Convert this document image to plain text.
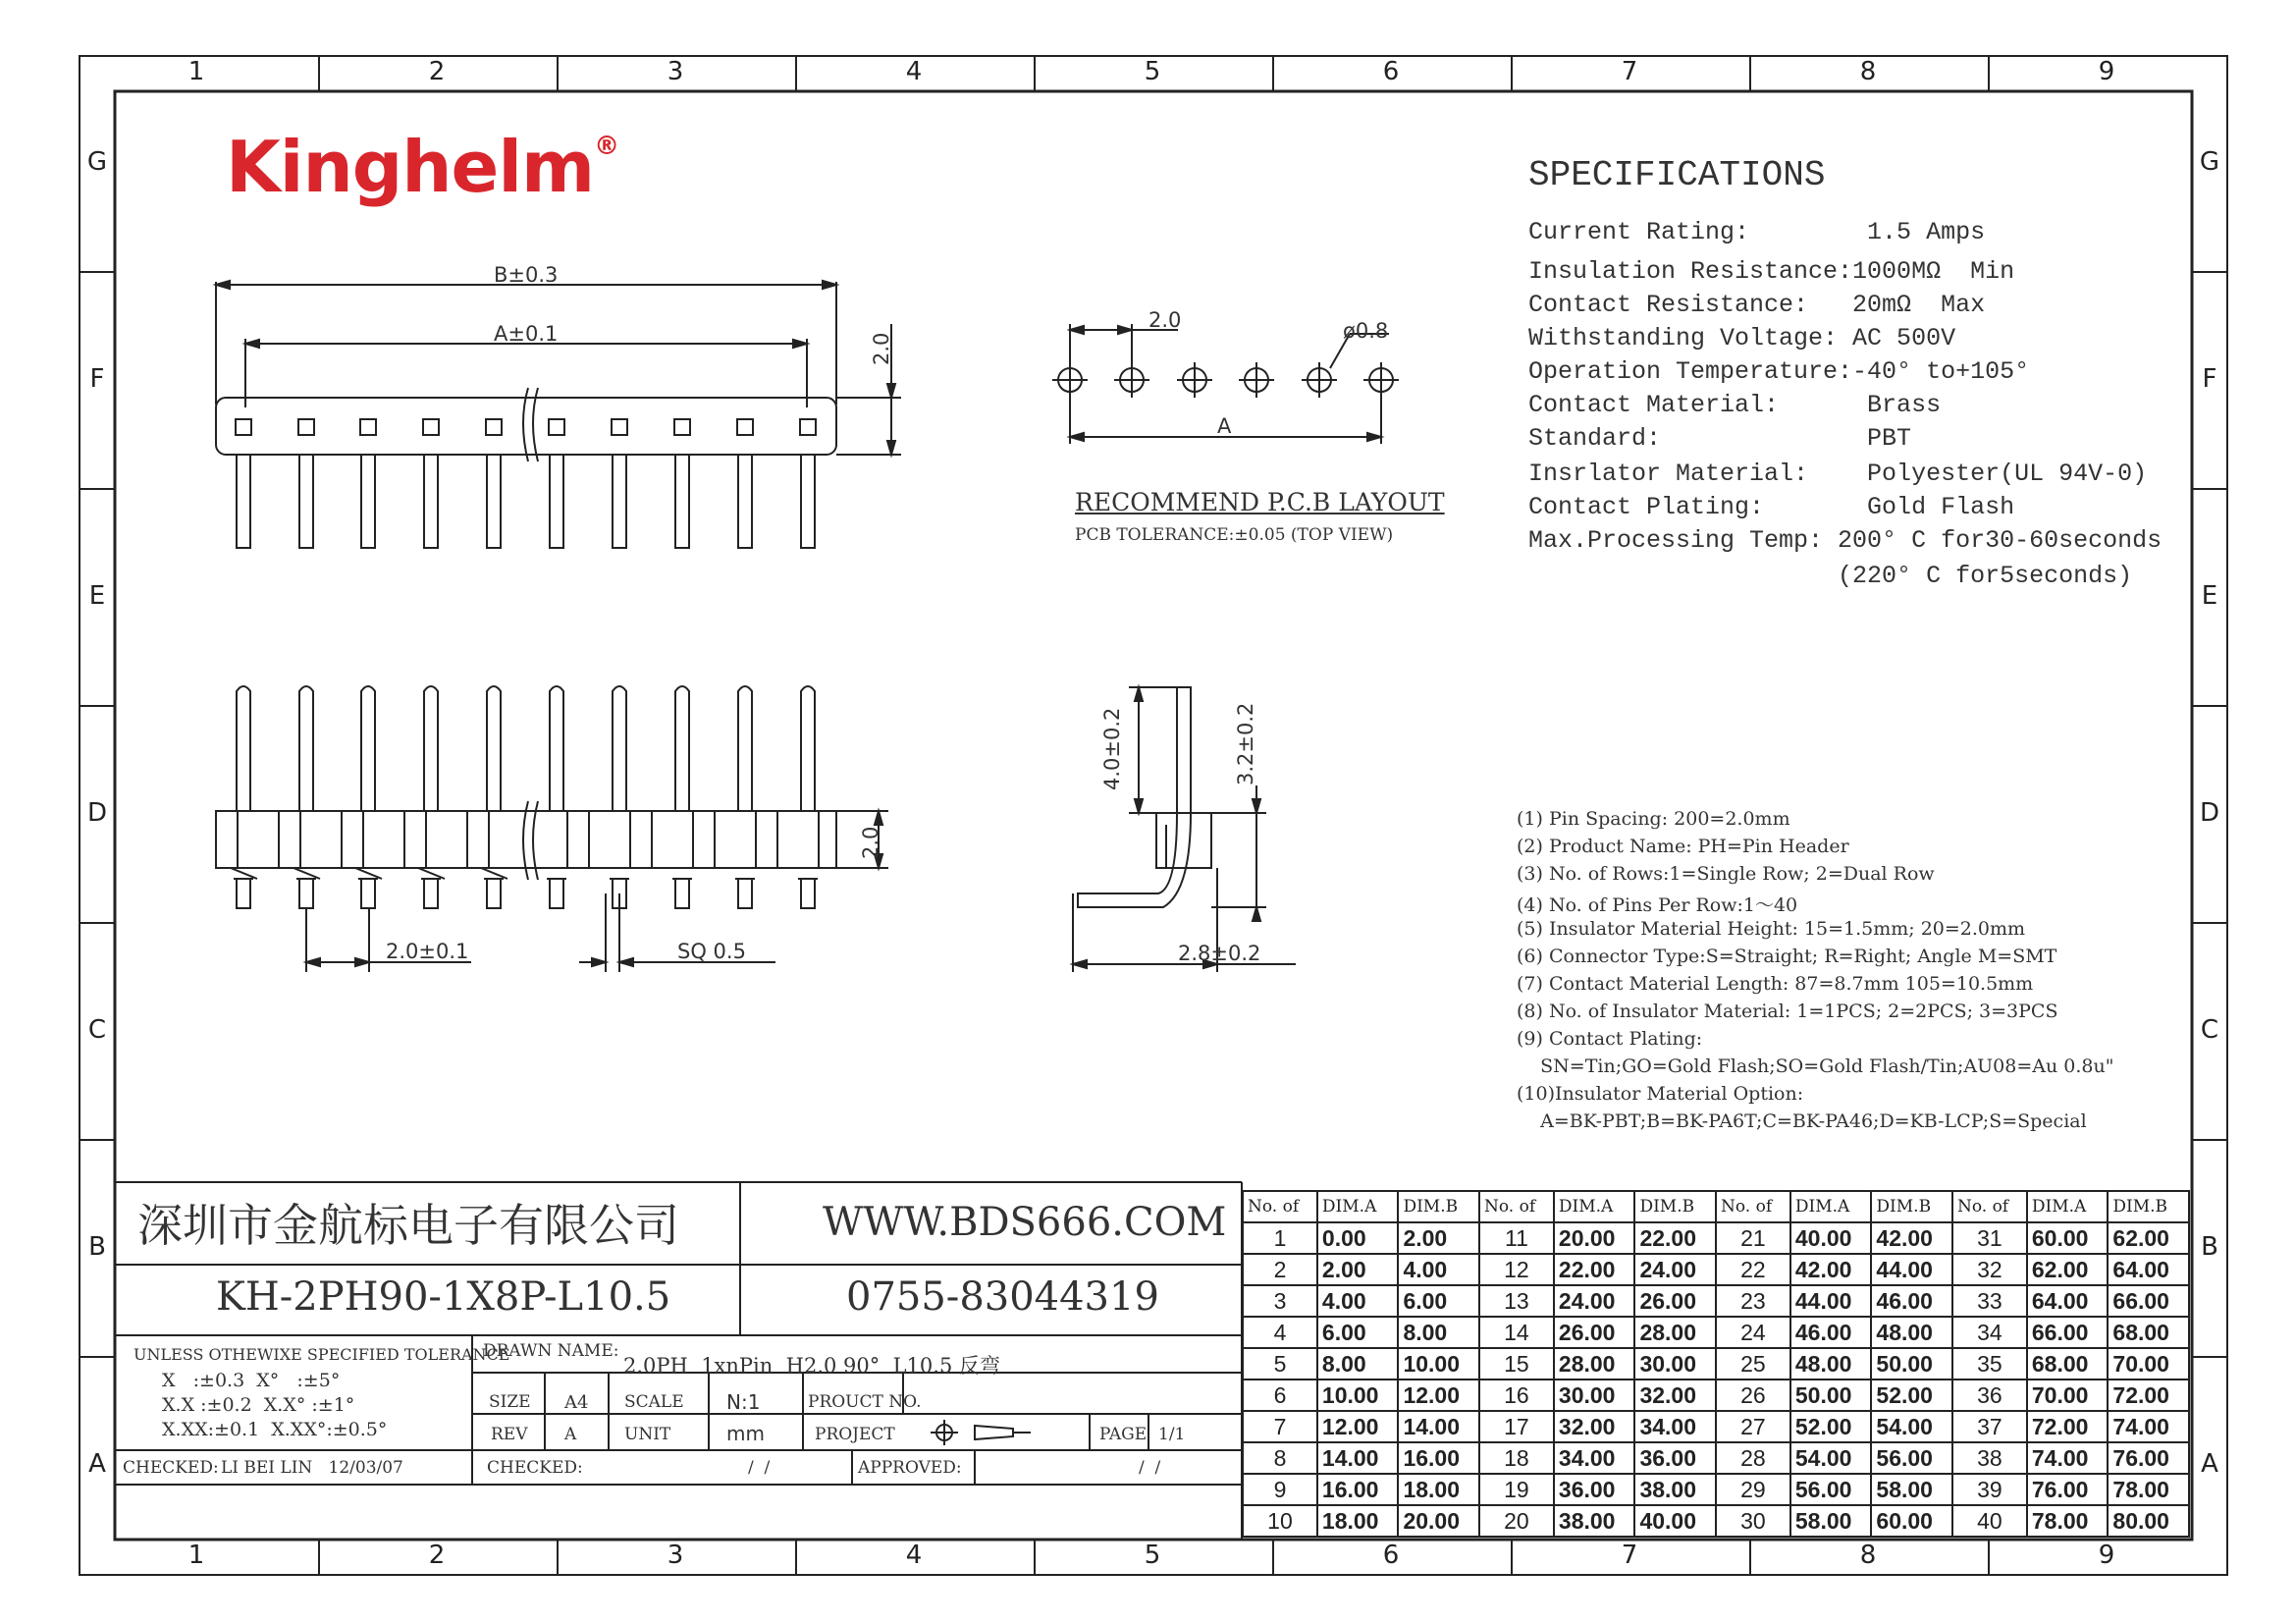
1	2	3	4	5	6	7	8	9
1	2	3	4	5	6	7	8	9
G
F
E
D
C
B
A
G
F
E
D
C
B
A
Kinghelm®
B±0.3
A±0.1	2.0
2.0
2.0±0.1	SQ 0.5
2.0	ø0.8
A
RECOMMEND P.C.B LAYOUT
PCB TOLERANCE:±0.05 (TOP VIEW)
4.0±0.2	3.2±0.2
2.8±0.2
SPECIFICATIONS
Current Rating:        1.5 Amps
Insulation Resistance:1000MΩ  Min
Contact Resistance:   20mΩ  Max
Withstanding Voltage: AC 500V
Operation Temperature:-40° to+105°
Contact Material:      Brass
Standard:              PBT
Insrlator Material:    Polyester(UL 94V-0)
Contact Plating:       Gold Flash
Max.Processing Temp: 200° C for30-60seconds
(220° C for5seconds)
(1) Pin Spacing: 200=2.0mm
(2) Product Name: PH=Pin Header
(3) No. of Rows:1=Single Row; 2=Dual Row
(4) No. of Pins Per Row:1～40
(5) Insulator Material Height: 15=1.5mm; 20=2.0mm
(6) Connector Type:S=Straight; R=Right; Angle M=SMT
(7) Contact Material Length: 87=8.7mm 105=10.5mm
(8) No. of Insulator Material: 1=1PCS; 2=2PCS; 3=3PCS
(9) Contact Plating:
SN=Tin;GO=Gold Flash;SO=Gold Flash/Tin;AU08=Au 0.8u"
(10)Insulator Material Option:
A=BK-PBT;B=BK-PA6T;C=BK-PA46;D=KB-LCP;S=Special
深圳市金航标电子有限公司	WWW.BDS666.COM
KH-2PH90-1X8P-L10.5	0755-83044319
UNLESS OTHEWIXE SPECIFIED TOLERANCE
X   :±0.3  X°   :±5°
X.X :±0.2  X.X° :±1°
X.XX:±0.1  X.XX°:±0.5°
DRAWN NAME:
2.0PH  1xnPin  H2.0 90°  L10.5 反弯
SIZE A4 SCALE N:1	PROUCT NO.
REV A	UNIT	mm	PROJECT	PAGE 1/1
CHECKED: LI BEI LIN   12/03/07	CHECKED:	/  /	APPROVED:	/  /
No. of	DIM.A	DIM.B	No. of	DIM.A	DIM.B	No. of	DIM.A	DIM.B	No. of	DIM.A	DIM.B
1	0.00	2.00	11	20.00	22.00	21	40.00	42.00	31	60.00	62.00
2	2.00	4.00	12	22.00	24.00	22	42.00	44.00	32	62.00	64.00
3	4.00	6.00	13	24.00	26.00	23	44.00	46.00	33	64.00	66.00
4	6.00	8.00	14	26.00	28.00	24	46.00	48.00	34	66.00	68.00
5	8.00	10.00	15	28.00	30.00	25	48.00	50.00	35	68.00	70.00
6	10.00	12.00	16	30.00	32.00	26	50.00	52.00	36	70.00	72.00
7	12.00	14.00	17	32.00	34.00	27	52.00	54.00	37	72.00	74.00
8	14.00	16.00	18	34.00	36.00	28	54.00	56.00	38	74.00	76.00
9	16.00	18.00	19	36.00	38.00	29	56.00	58.00	39	76.00	78.00
10	18.00	20.00	20	38.00	40.00	30	58.00	60.00	40	78.00	80.00
